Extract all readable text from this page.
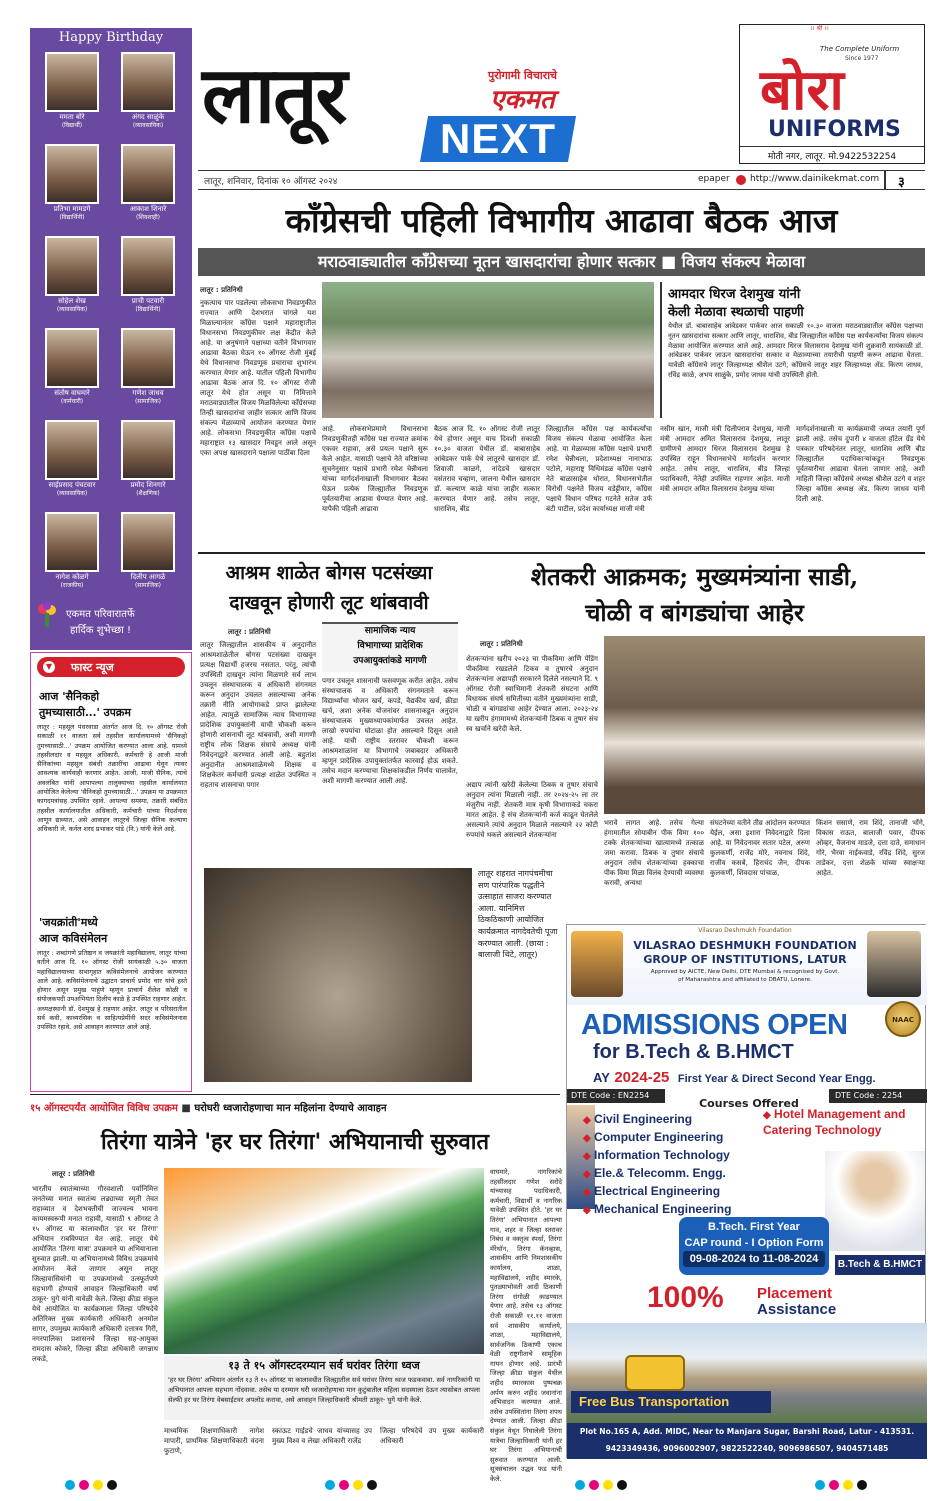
लातूर	NEXT
पुरोगामी विचाराचे
एकमत
लातूर, शनिवार, दिनांक १० ऑगस्ट २०२४	epaper http://www.dainikekmat.com ३
।। श्री ।।
The Complete Uniform
Since 1977
बोरा
UNIFORMS
मोती नगर, लातूर. मो.9422532254
Happy Birthday
ममता बोरे
(विद्यार्थी)
अंगद साळुंके
(व्यावसायिक)
प्रतिभा मामडगे
(विद्यार्थिनी)
आकाश शिनारे
(शिवशाही)
सोहेल शेख
(व्यावसायिक)
प्राची पटवारी
(विद्यार्थिनी)
संतोष वाघमारे
(कर्मचारी)
गणेश जाधव
(सामाजिक)
साईप्रसाद पंचटवार
(व्यावसायिक)
प्रमोद शिनगारे
(शैक्षणिक)
नागेश कोळगे
(राजकीय)
दिलीप आगळे
(सामाजिक)
एकमत परिवारातर्फे
हार्दिक शुभेच्छा !
▼ फास्ट न्यूज
आज 'सैनिकहो
तुमच्यासाठी...' उपक्रम
लातूर : महसूल पंधरवाडा अंतर्गत आज दि. १० ऑगस्ट रोजी सकाळी ११ वाजता सर्व तहसील कार्यालयामध्ये 'सैनिकहो तुमच्यासाठी...' उपक्रम आयोजित करण्यात आला आहे. यामध्ये तहसीलदार व महसूल अधिकारी, कर्मचारी हे आजी माजी सैनिकांच्या महसूल संबंधी तक्रारींचा आढावा घेवून त्यावर आवश्यक कार्यवाही करणार आहेत. आजी, माजी सैनिक, त्यांचे अवलंबित यांनी आपापल्या तालुक्याच्या तहसील कार्यालयात आयोजित केलेल्या 'सैनिकहो तुमच्यासाठी...' उपक्रम या उपक्रमात कागदपत्रांसह उपस्थित रहावे. आपल्या समस्या, तक्रारी संबंधित तहसील कार्यालयातील अधिकारी, कर्मचारी यांच्या निदर्शनास आणून द्याव्यात, असे आवाहन लातूरचे जिल्हा सैनिक कल्याण अधिकारी ले. कर्नल शरद प्रभाकर पांडे (नि.) यांनी केले आहे.
'जयक्रांती'मध्ये
आज कविसंमेलन
लातूर : शब्दांगणे प्रतिष्ठान व जयक्रांती महाविद्यालय, लातूर यांच्या वतीने आज दि. १० ऑगस्ट रोजी सायंकाळी ५.३० वाजता महाविद्यालयाच्या सभागृहात कविसंमेलनाचे आयोजन करण्यात आले आहे. कविसंमेलनाचे उद्घाटन प्राचार्य प्रमोद चार यांचे हस्ते होणार असून प्रमुख पाहुणे म्हणून प्राचार्य शैलेश कोळी व संयोजकपदी उपअभियंता दिलीप काळे हे उपस्थित राहणार आहेत. अध्यक्षस्थानी डॉ. देशमुख हे राहणार आहेत. लातूर व परिसरातील सर्व कवी, काव्यरसिक व साहित्यप्रेमींनी सदर कविसंमेलनास उपस्थित रहावे, असे आवाहन करण्यात आले आहे.
काँग्रेसची पहिली विभागीय आढावा बैठक आज
मराठवाड्यातील काँग्रेसच्या नूतन खासदारांचा होणार सत्कार ■ विजय संकल्प मेळावा
लातूर : प्रतिनिधी
नुकत्याच पार पडलेल्या लोकसभा निवडणुकीत राज्यात आणि देशभरात चांगले यश मिळाल्यानंतर काँग्रेस पक्षाने महाराष्ट्रातील विधानसभा निवडणुकीवर लक्ष केंद्रीत केले आहे. या अनुषंगाने पक्षाच्या वतीने विभागवार आढावा बैठका घेऊन १० ऑगस्ट रोजी मुंबई येथे विधानसभा निवडणूक प्रचाराचा शुभारंभ करण्यात येणार आहे. यातील पहिली विभागीय आढावा बैठक आज दि. १० ऑगस्ट रोजी लातूर येथे होत असून या निमित्ताने मराठवाड्यातील विजय मिळविलेल्या काँग्रेसच्या तिन्ही खासदारांचा जाहीर सत्कार आणि विजय संकल्प मेळाव्याचे आयोजन करण्यात येणार आहे. लोकसभा निवडणुकीत काँग्रेस पक्षाचे महाराष्ट्रात १३ खासदार निवडून आले असून एका अपक्ष खासदाराने पक्षाला पाठींबा दिला
आमदार धिरज देशमुख यांनी
केली मेळावा स्थळाची पाहणी
येथील डॉ. बाबासाहेब आंबेडकर पार्कवर आज सकाळी १०.३० वाजता मराठवाड्यातील काँग्रेस पक्षाच्या नूतन खासदारांचा सत्कार आणि लातूर, धाराशिव, बीड जिल्ह्यातील काँग्रेस पक्ष कार्यकर्त्यांचा विजय संकल्प मेळावा आयोजित करण्यात आले आहे. आमदार धिरज विलासराव देशमुख यांनी शुक्रवारी सायंकाळी डॉ. आंबेडकर पार्कवर जाऊन खासदारांचा सत्कार व मेळाव्याच्या तयारीची पाहणी करून आढावा घेतला. यावेळी काँग्रेसचे लातूर जिल्हाध्यक्ष श्रीशैल उटगे, काँग्रेसचे लातूर शहर जिल्हाध्यक्ष ॲड. किरण जाधव, रविंद्र काळे, अभय साळुंके, प्रमोद जाधव यांची उपस्थिती होती.
आहे. लोकसभेप्रमाणे विधानसभा निवडणुकीतही काँग्रेस पक्ष राज्यात क्रमांक एकवर राहावा, असे प्रयत्न पक्षाने सुरू केले आहेत. यासाठी पक्षाचे नेते वरिष्ठांच्या सूचनेनुसार पक्षाचे प्रभारी रमेश चेन्नीथला यांच्या मार्गदर्शनाखाली विभागवार बैठका घेऊन प्रत्येक जिल्ह्यातील निवडणूक पूर्वतयारीचा आढावा घेण्यात येणार आहे. यापैकी पहिली आढावा
बैठक आज दि. १० ऑगस्ट रोजी लातूर येथे होणार असून याच दिवशी सकाळी १०.३० वाजता येथील डॉ. बाबासाहेब आंबेडकर पार्क येथे लातूरचे खासदार डॉ. शिवाजी काळगे, नांदेडचे खासदार वसंतराव चव्हाण, जालना येथील खासदार डॉ. कल्याण काळे यांचा जाहीर सत्कार करण्यात येणार आहे. तसेच लातूर, धाराशिव, बीड
जिल्ह्यातील काँग्रेस पक्ष कार्यकर्त्यांचा विजय संकल्प मेळावा आयोजित केला आहे. या मेळाव्यास काँग्रेस पक्षाचे प्रभारी रमेश चेन्नीथला, प्रदेशाध्यक्ष नानाभाऊ पटोले, महाराष्ट्र विधिमंडळ काँग्रेस पक्षाचे नेते बाळासाहेब थोरात, विधानसभेतील विरोधी पक्षनेते विजय वडेट्टीवार, काँग्रेस पक्षाचे विधान परिषद गटनेते सतेज उर्फ बंटी पाटील, प्रदेश कार्याध्यक्ष माजी मंत्री
नसीम खान, माजी मंत्री दिलीपराव देशमुख, माजी मंत्री आमदार अमित विलासराव देशमुख, लातूर ग्रामीणचे आमदार धिरज विलासराव देशमुख हे उपस्थित राहून विधानसभेचे मार्गदर्शन करणार आहेत. तसेच लातूर, धाराशिव, बीड जिल्हा पदाधिकारी, नेतेही उपस्थित राहणार आहेत. माजी मंत्री आमदार अमित विलासराव देशमुख यांच्या
मार्गदर्शनाखाली या कार्यक्रमाची जय्यत तयारी पूर्ण झाली आहे. तसेच दुपारी ४ वाजता हॉटेल ग्रँड येथे पत्रकार परिषदेनंतर लातूर, धाराशिव आणि बीड जिल्ह्यातील पदाधिकाऱ्यांकडून निवडणूक पूर्वतयारीचा आढावा घेतला जाणार आहे, अशी माहिती जिल्हा काँग्रेसचे अध्यक्ष श्रीशैल उटगे व शहर जिल्हा काँग्रेस अध्यक्ष ॲड. किरण जाधव यांनी दिली आहे.
आश्रम शाळेत बोगस पटसंख्या
दाखवून होणारी लूट थांबवावी
लातूर : प्रतिनिधी	सामाजिक न्याय
विभागाच्या प्रादेशिक
उपआयुक्तांकडे मागणी
लातूर जिल्ह्यातील शासकीय व अनुदानीत आश्रमशाळेतील बोगस पटसंख्या दाखवून प्रत्यक्ष विद्यार्थी हजरच नसतात. परंतु, त्यांची उपस्थिती दाखवून त्यांना मिळणारे सर्व लाभ उचलून संस्थाचालक व अधिकारी संगनमत करून अनुदान उचलत असल्याच्या अनेक तक्रारी नीति आयोगाकडे प्राप्त झालेल्या आहेत. त्यामुळे सामाजिक न्याय विभागाच्या प्रादेशिक उपायुक्तांनी याची चौकशी करून होणारी शासनाची लूट थांबवावी, अशी मागणी राष्ट्रीय लोक शिक्षक संघाचे अध्यक्ष यांनी निवेदनाद्वारे करण्यात आली आहे. बहुतांश अनुदानीत आश्रमशाळेमध्ये शिक्षक व शिक्षकेतर कर्मचारी प्रत्यक्ष शाळेत उपस्थित न राहताच शासनाचा पगार
पगार उचलून शासनाची फसवणूक करीत आहेत. तसेच संस्थाचालक व अधिकारी संगनमताने करून विद्यार्थ्यांचा भोजन खर्च, कपडे, वैद्यकीय खर्च, क्रीडा खर्च, अशा अनेक योजनांवर शासनाकडून अनुदान संस्थाचालक मुख्याध्यापकांमार्फत उचलत आहेत. लाखो रुपयांचा घोटाळा होत असल्याने दिसून आले आहे. याची राष्ट्रीय स्तरावर चौकशी करून आश्रमशाळांना या विभागाचे जबाबदार अधिकारी म्हणून प्रादेशिक उपायुक्तांतर्फत कारवाई होऊ शकते. तसेच मदान करण्याचा शिक्षकांकडील निर्णय घालावेत, अशी मागणी करण्यात आली आहे.
शेतकरी आक्रमक; मुख्यमंत्र्यांना साडी,
चोळी व बांगड्यांचा आहेर
लातूर : प्रतिनिधी
शेतकऱ्यांना खरीप २०२३ चा पीकविमा आणि पेंडिंग पीकविमा रखडलेले टिकव व तुषारचे अनुदान शेतकऱ्यांना अद्यापही सरकारने दिलेले नसल्याने दि. ९ ऑगस्ट रोजी स्वाभिमानी शेतकरी संघटना आणि विधायक संघर्ष समितीच्या वतीने मुख्यमंत्र्यांना साडी, चोळी व बांगड्यांचा आहेर देण्यात आला. २०२३-२४ या खरीप हंगामामध्ये शेतकऱ्यांनी ठिबक व तुषार संच स्व खर्चाने खरेदी केले.
अद्याप त्यांनी खरेदी केलेल्या ठिबक व तुषार संचाचे अनुदान त्यांना मिळाली नाही. तर २०२४-२५ ला तर मंजुरीच नाही. शेतकरी मात्र कृषी विभागाकडे चकरा मारत आहेत. हे संच शेतकऱ्यांनी कर्ज काढून घेतलेले असल्याने त्यांचे अनुदान मिळाले नसल्याने २२ कोटी रुपयांचे थकले असल्याने शेतकऱ्यांना
भरावे लागत आहे. तसेच गेल्या हंगामातील सोयाबीन पीक विमा १०० टक्के शेतकऱ्यांच्या खात्यामध्ये तत्काळ जमा करावा. ठिबक व तुषार संचाचे अनुदान तसेच शेतकऱ्यांच्या हक्काचा पीक विमा मिळा विलंब देण्याची व्यवस्था करावी, अन्यथा
संघटनेच्या वतीने तीव्र आंदोलन करण्यात येईल, असा इशारा निवेदनाद्वारे दिला आहे. या निवेदनावर सतार पटेल, अरुण कुलकर्णी, राजेंद्र मोरे, नवनाथ शिंदे, राजीव कसबे, हिराचंद जैन, दीपक कुलकर्णी, शिवदास पांचाळ,
किशन ससाणे, राम शिंदे, तानाजी भोंगे, विकास राऊत, बालाजी पवार, दीपक ओव्हर, वैजनाथ माडजे, दत्ता दाते, समाधान गोरे, भैरवा नाईकवाडे, रविंद्र शिंदे, सुरज ताडेकर, दत्ता शेळके यांच्या स्वाक्षऱ्या आहेत.
लातूर शहरात नागपंचमीचा सण पारंपारिक पद्धतीने उत्साहात साजरा करण्यात आला. यानिमित्त ठिकठिकाणी आयोजित कार्यक्रमात नागदेवतेची पूजा करण्यात आली. (छाया : बालाजी थिटे, लातूर)
१५ ऑगस्टपर्यंत आयोजित विविध उपक्रम ■ घरोघरी ध्वजारोहणाचा मान महिलांना देण्याचे आवाहन
तिरंगा यात्रेने 'हर घर तिरंगा' अभियानाची सुरुवात
लातूर : प्रतिनिधी
भारतीय स्वातंत्र्याच्या गौरवशाली पर्वानिमित्त जनतेच्या मनात स्वातंत्र्य लढ्याच्या स्मृती तेवत राहाव्यात व देशभक्तीची जाज्वल्य भावना कायमस्वरूपी मनात राहावी, यासाठी ९ ऑगस्ट ते १५ ऑगस्ट या कालावधीत 'हर घर तिरंगा' अभियान राबविण्यात येत आहे. लातूर येथे आयोजित 'तिरंगा यात्रा' उपक्रमाने या अभियानाला सुरुवात झाली. या अभियानामध्ये विविध उपक्रमांचे आयोजन केले जाणार असून लातूर जिल्हावासियांनी या उपक्रमांमध्ये उत्स्फूर्तपणे सहभागी होण्याचे आवाहन जिल्हाधिकारी वर्षा ठाकूर- घुगे यांनी यावेळी केले. जिल्हा क्रीडा संकुल येथे आयोजित या कार्यक्रमाला जिल्हा परिषदेचे अतिरिक्त मुख्य कार्यकारी अधिकारी अनमोल सागर, उपमुख्य कार्यकारी अधिकारी दत्तात्रय गिरी, नगरपालिका प्रशासनचे जिल्हा सह-आयुक्त रामदास कोकरे, जिल्हा क्रीडा अधिकारी जगन्नाथ लकडे,	१३ ते १५ ऑगस्टदरम्यान सर्व घरांवर तिरंगा ध्वज
'हर घर तिरंगा' अभियान अंतर्गत १३ ते १५ ऑगस्ट या कालावधीत जिल्ह्यातील सर्व घरांवर तिरंगा ध्वज फडकवावा. सर्व नागरिकांनी या अभियानात आपला सहभाग नोंदवावा. तसेच या दरम्यान घरी ध्वजारोहणाचा मान कुटुंबातील महिला सदस्याला देऊन त्यासोबत आपला सेल्फी हर घर तिरंगा वेबसाईटवर अपलोड करावा, असे आवाहन जिल्हाधिकारी श्रीमती ठाकूर- घुगे यांनी केले.
माध्यमिक शिक्षणाधिकारी नागेश मापारी, प्राथमिक शिक्षणाधिकारी वंदना फुटाणे,
स्काऊट गाईडचे जाधव यांच्यासह उप मुख्य विश्व व लेखा अधिकारी राजेंद्र
जिल्हा परिषदेचे उप मुख्य कार्यकारी अधिकारी
वाघमारे, नागरिकांचे तहसीलदार गणेश सरोदे यांच्यासह पदाधिकारी, कर्मचारी, विद्यार्थी व नागरिक यावेळी उपस्थित होते. 'हर घर तिरंगा' अभियानात आपल्या गाव, शहर व जिल्हा स्तरावर निबंध व वक्तृत्व स्पर्धा, तिरंगा मॅरेथॉन, तिरंगा कॅनव्हास, शासकीय आणि निमशासकीय कार्यालय, शाळा, महाविद्यालये, शहीद स्मारके, पुतळ्याभोवती आदी ठिकाणी तिरंगा रांगोळी काढण्यात येणार आहे. तसेच १३ ऑगस्ट रोजी सकाळी ११.११ वाजता सर्व शासकीय कार्यालये, शाळा, महाविद्यालये, सार्वजनिक ठिकाणी एकाच वेळी राष्ट्रगीताचे सामूहिक गायन होणार आहे. प्रारंभी जिल्हा क्रीडा संकुल येथील शहीद स्मारकास पुष्पचक्र अर्पण करुन शहीद जवानांना अभिवादन करण्यात आले. तसेच उपस्थितांना तिरंगा शपथ देण्यात आली. जिल्हा क्रीडा संकुल येथून निघालेली तिरंगा यात्रेचा जिल्हाधिकारी यांनी हर घर तिरंगा अभियानाची सुरुवात करण्यात आली. सूत्रसंचालन उद्धव फड यांनी केले.
Vilasrao Deshmukh Foundation
VILASRAO DESHMUKH FOUNDATION
GROUP OF INSTITUTIONS, LATUR
Approved by AICTE, New Delhi, DTE Mumbai & recognised by Govt.
of Maharashtra and affiliated to DBATU, Lonere.
NAAC
ADMISSIONS OPEN
for B.Tech & B.HMCT
AY 2024-25 First Year & Direct Second Year Engg.
DTE Code : EN2254	DTE Code : 2254
Courses Offered
◆ Civil Engineering
◆ Computer Engineering
◆ Information Technology
◆ Ele.& Telecomm. Engg.
◆ Electrical Engineering
◆ Mechanical Engineering
◆ Hotel Management and Catering Technology
B.Tech. First Year
CAP round - I Option Form
09-08-2024 to 11-08-2024	B.Tech & B.HMCT
100% Placement
Assistance
Free Bus Transportation
Plot No.165 A, Add. MIDC, Near to Manjara Sugar, Barshi Road, Latur - 413531.
9423349436, 9096002907, 9822522240, 9096986507, 9404571485
